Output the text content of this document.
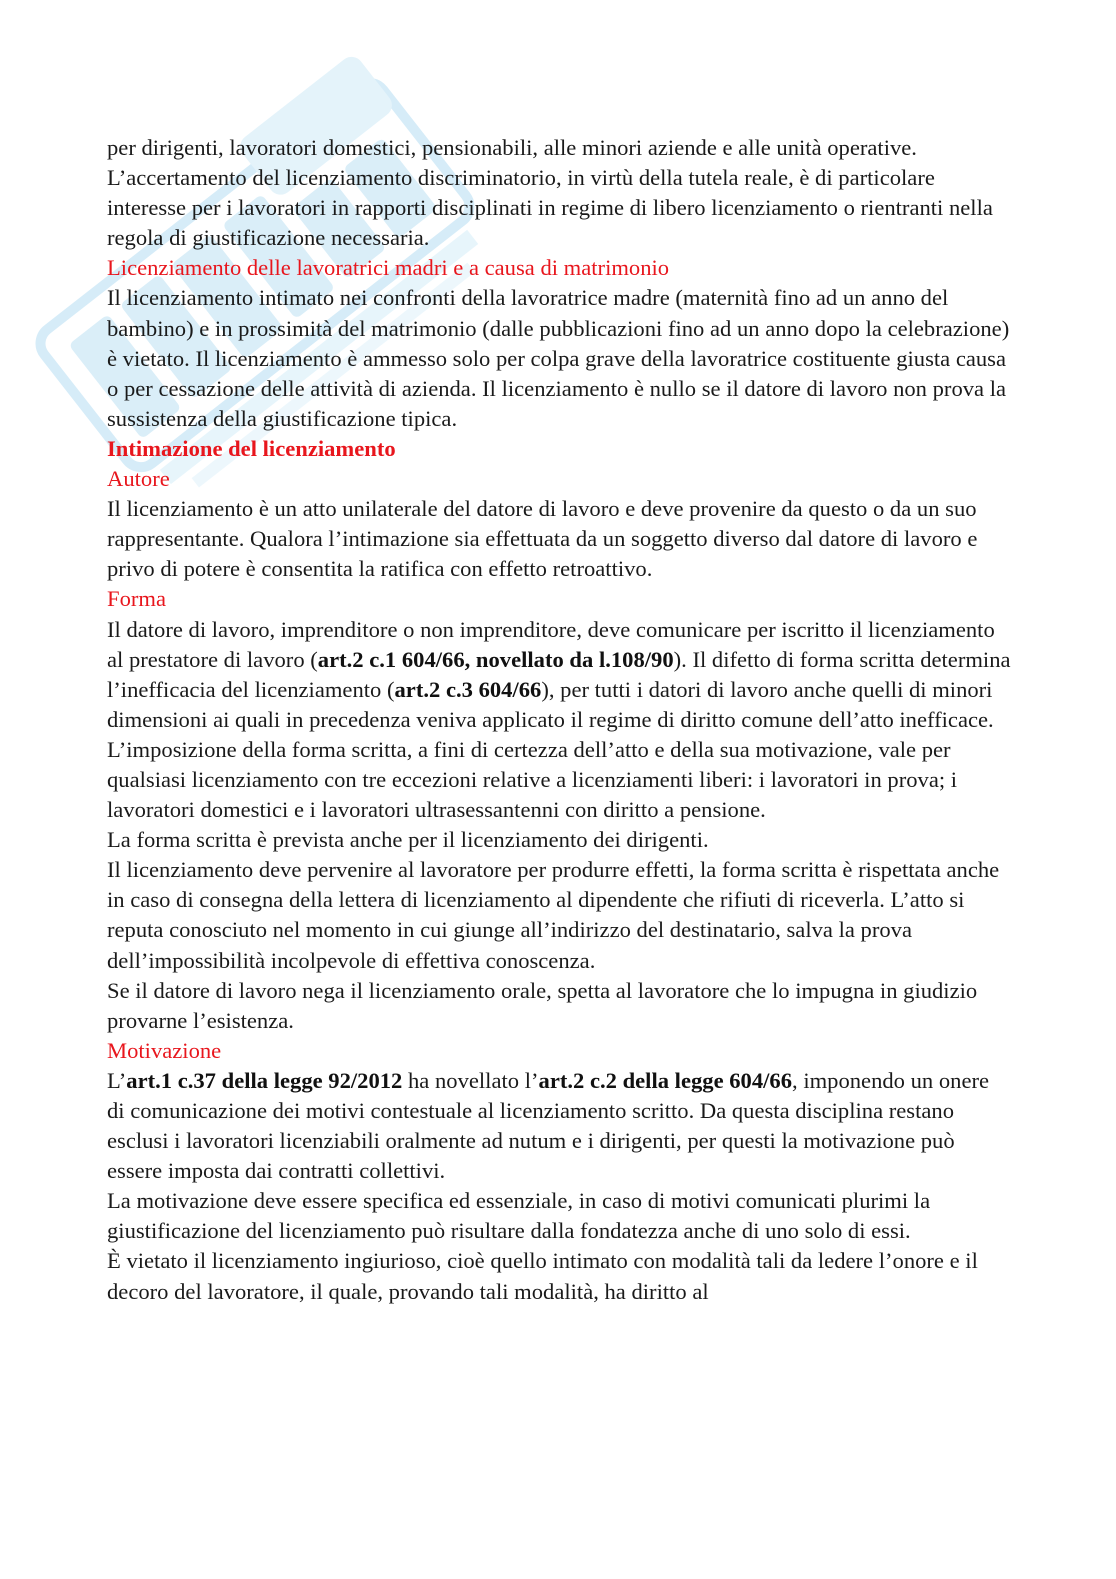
per dirigenti, lavoratori domestici, pensionabili, alle minori aziende e alle unità operative. L’accertamento del licenziamento discriminatorio, in virtù della tutela reale, è di particolare interesse per i lavoratori in rapporti disciplinati in regime di libero licenziamento o rientranti nella regola di giustificazione necessaria.

Licenziamento delle lavoratrici madri e a causa di matrimonio

Il licenziamento intimato nei confronti della lavoratrice madre (maternità fino ad un anno del bambino) e in prossimità del matrimonio (dalle pubblicazioni fino ad un anno dopo la celebrazione) è vietato. Il licenziamento è ammesso solo per colpa grave della lavoratrice costituente giusta causa o per cessazione delle attività di azienda. Il licenziamento è nullo se il datore di lavoro non prova la sussistenza della giustificazione tipica.

Intimazione del licenziamento

Autore

Il licenziamento è un atto unilaterale del datore di lavoro e deve provenire da questo o da un suo rappresentante. Qualora l’intimazione sia effettuata da un soggetto diverso dal datore di lavoro e privo di potere è consentita la ratifica con effetto retroattivo.

Forma

Il datore di lavoro, imprenditore o non imprenditore, deve comunicare per iscritto il licenziamento al prestatore di lavoro (art.2 c.1 604/66, novellato da l.108/90). Il difetto di forma scritta determina l’inefficacia del licenziamento (art.2 c.3 604/66), per tutti i datori di lavoro anche quelli di minori dimensioni ai quali in precedenza veniva applicato il regime di diritto comune dell’atto inefficace.

L’imposizione della forma scritta, a fini di certezza dell’atto e della sua motivazione, vale per qualsiasi licenziamento con tre eccezioni relative a licenziamenti liberi: i lavoratori in prova; i lavoratori domestici e i lavoratori ultrasessantenni con diritto a pensione.

La forma scritta è prevista anche per il licenziamento dei dirigenti.

Il licenziamento deve pervenire al lavoratore per produrre effetti, la forma scritta è rispettata anche in caso di consegna della lettera di licenziamento al dipendente che rifiuti di riceverla. L’atto si reputa conosciuto nel momento in cui giunge all’indirizzo del destinatario, salva la prova dell’impossibilità incolpevole di effettiva conoscenza.

Se il datore di lavoro nega il licenziamento orale, spetta al lavoratore che lo impugna in giudizio provarne l’esistenza.

Motivazione

L’art.1 c.37 della legge 92/2012 ha novellato l’art.2 c.2 della legge 604/66, imponendo un onere di comunicazione dei motivi contestuale al licenziamento scritto. Da questa disciplina restano esclusi i lavoratori licenziabili oralmente ad nutum e i dirigenti, per questi la motivazione può essere imposta dai contratti collettivi.

La motivazione deve essere specifica ed essenziale, in caso di motivi comunicati plurimi la giustificazione del licenziamento può risultare dalla fondatezza anche di uno solo di essi.

È vietato il licenziamento ingiurioso, cioè quello intimato con modalità tali da ledere l’onore e il decoro del lavoratore, il quale, provando tali modalità, ha diritto al
